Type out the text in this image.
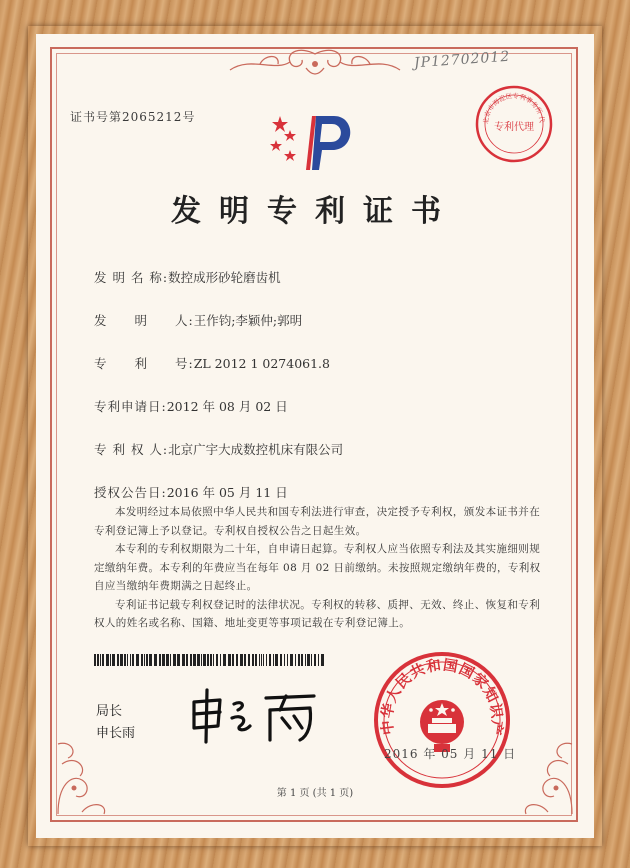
证书号第2065212号
JP12702012
北京市海淀区专利事务所 代
专利代理
发明专利证书
发 明 名 称:数控成形砂轮磨齿机
发　　明　　人:王作钧;李颖仲;郭明
专　　利　　号:ZL 2012 1 0274061.8
专利申请日:2012 年 08 月 02 日
专 利 权 人:北京广宇大成数控机床有限公司
授权公告日:2016 年 05 月 11 日

本发明经过本局依照中华人民共和国专利法进行审查，决定授予专利权，颁发本证书并在专利登记簿上予以登记。专利权自授权公告之日起生效。

本专利的专利权期限为二十年，自申请日起算。专利权人应当依照专利法及其实施细则规定缴纳年费。本专利的年费应当在每年 08 月 02 日前缴纳。未按照规定缴纳年费的，专利权自应当缴纳年费期满之日起终止。

专利证书记载专利权登记时的法律状况。专利权的转移、质押、无效、终止、恢复和专利权人的姓名或名称、国籍、地址变更等事项记载在专利登记簿上。

局长
申长雨	中华人民共和国国家知识产
2016 年 05 月 11 日
第 1 页 (共 1 页)
